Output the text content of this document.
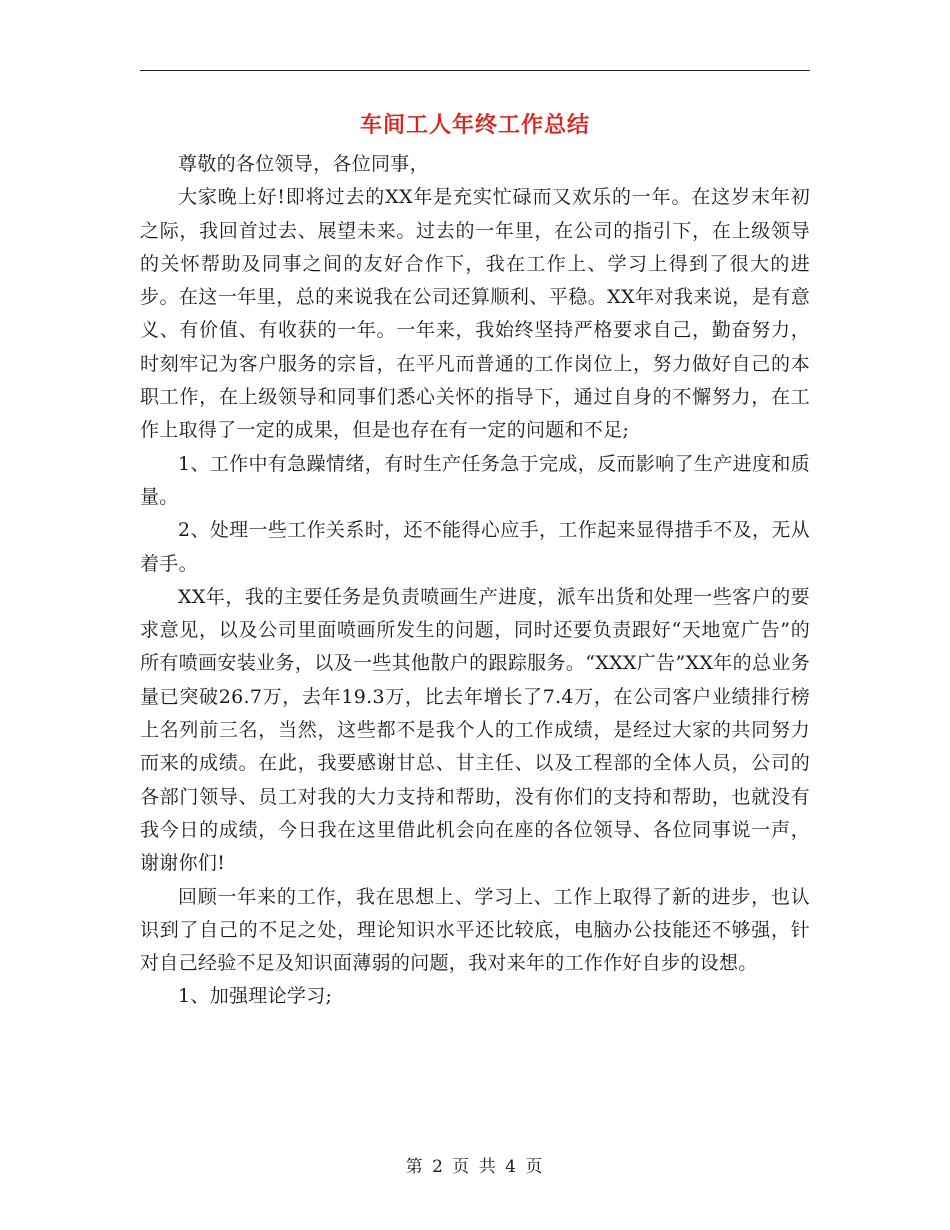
车间工人年终工作总结

尊敬的各位领导，各位同事，

大家晚上好!即将过去的XX年是充实忙碌而又欢乐的一年。在这岁末年初之际，我回首过去、展望未来。过去的一年里，在公司的指引下，在上级领导的关怀帮助及同事之间的友好合作下，我在工作上、学习上得到了很大的进步。在这一年里，总的来说我在公司还算顺利、平稳。XX年对我来说，是有意义、有价值、有收获的一年。一年来，我始终坚持严格要求自己，勤奋努力，时刻牢记为客户服务的宗旨，在平凡而普通的工作岗位上，努力做好自己的本职工作，在上级领导和同事们悉心关怀的指导下，通过自身的不懈努力，在工作上取得了一定的成果，但是也存在有一定的问题和不足;

1、工作中有急躁情绪，有时生产任务急于完成，反而影响了生产进度和质量。

2、处理一些工作关系时，还不能得心应手，工作起来显得措手不及，无从着手。

XX年，我的主要任务是负责喷画生产进度，派车出货和处理一些客户的要求意见，以及公司里面喷画所发生的问题，同时还要负责跟好“天地宽广告”的所有喷画安装业务，以及一些其他散户的跟踪服务。“XXX广告”XX年的总业务量已突破26.7万，去年19.3万，比去年增长了7.4万，在公司客户业绩排行榜上名列前三名，当然，这些都不是我个人的工作成绩，是经过大家的共同努力而来的成绩。在此，我要感谢甘总、甘主任、以及工程部的全体人员，公司的各部门领导、员工对我的大力支持和帮助，没有你们的支持和帮助，也就没有我今日的成绩，今日我在这里借此机会向在座的各位领导、各位同事说一声，谢谢你们!

回顾一年来的工作，我在思想上、学习上、工作上取得了新的进步，也认识到了自己的不足之处，理论知识水平还比较底，电脑办公技能还不够强，针对自己经验不足及知识面薄弱的问题，我对来年的工作作好自步的设想。

1、加强理论学习;

第 2 页 共 4 页
